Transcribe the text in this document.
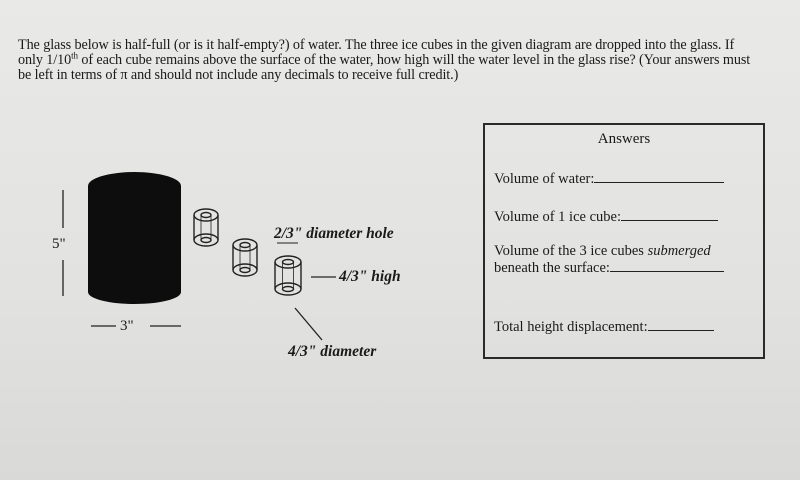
The glass below is half-full (or is it half-empty?) of water. The three ice cubes in the given diagram are dropped into the glass. If only 1/10th of each cube remains above the surface of the water, how high will the water level in the glass rise? (Your answers must be left in terms of π and should not include any decimals to receive full credit.)
5"
3"
2/3" diameter hole
4/3" high
4/3" diameter
Answers
Volume of water:
Volume of 1 ice cube:
Volume of the 3 ice cubes submerged
beneath the surface:
Total height displacement:
